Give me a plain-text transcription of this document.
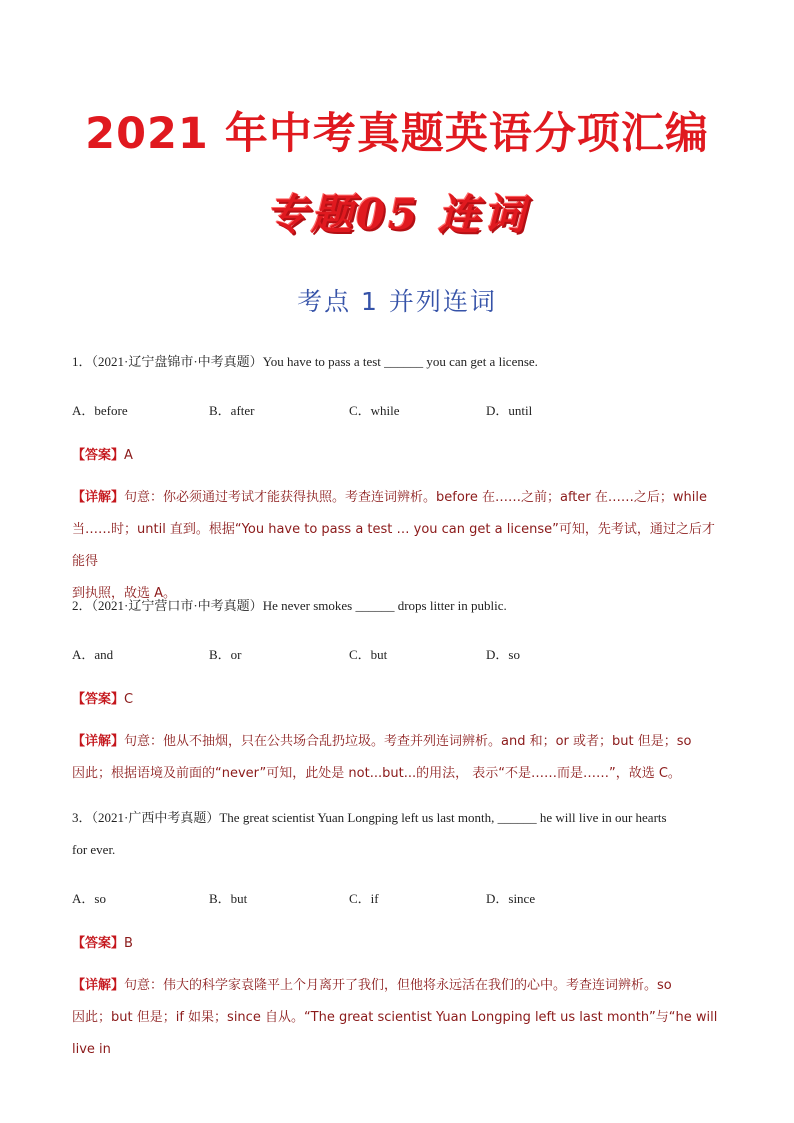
2021 年中考真题英语分项汇编
专题05 连词
考点 1 并列连词
1．（2021·辽宁盘锦市·中考真题）You have to pass a test ______ you can get a license.
A．before	B．after	C．while	D．until
【答案】A
【详解】句意：你必须通过考试才能获得执照。考查连词辨析。before 在……之前；after 在……之后；while
当……时；until 直到。根据“You have to pass a test … you can get a license”可知，先考试，通过之后才能得
到执照，故选 A。
2．（2021·辽宁营口市·中考真题）He never smokes ______ drops litter in public.
A．and	B．or	C．but	D．so
【答案】C
【详解】句意：他从不抽烟，只在公共场合乱扔垃圾。考查并列连词辨析。and 和；or 或者；but 但是；so
因此；根据语境及前面的“never”可知，此处是 not...but...的用法， 表示“不是……而是……”，故选 C。
3．（2021·广西中考真题）The great scientist Yuan Longping left us last month, ______ he will live in our hearts
for ever.
A．so	B．but	C．if	D．since
【答案】B
【详解】句意：伟大的科学家袁隆平上个月离开了我们，但他将永远活在我们的心中。考查连词辨析。so
因此；but 但是；if 如果；since 自从。“The great scientist Yuan Longping left us last month”与“he will live in
